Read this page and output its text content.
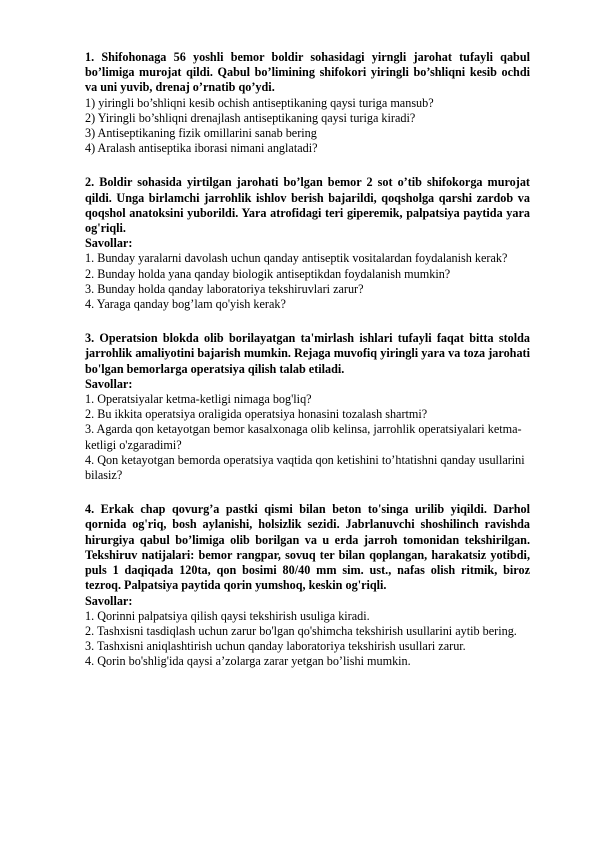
1. Shifohonaga 56 yoshli bemor boldir sohasidagi yirngli jarohat tufayli qabul bo’limiga murojat qildi. Qabul bo’limining shifokori yiringli bo’shliqni kesib ochdi va uni yuvib, drenaj o’rnatib qo’ydi.

1) yiringli bo’shliqni kesib ochish antiseptikaning qaysi turiga mansub?

2) Yiringli bo’shliqni drenajlash antiseptikaning qaysi turiga kiradi?

3) Antiseptikaning fizik omillarini sanab bering

4) Aralash antiseptika iborasi nimani anglatadi?

2. Boldir sohasida yirtilgan jarohati bo’lgan bemor 2 sot o’tib shifokorga murojat qildi. Unga birlamchi jarrohlik ishlov berish bajarildi, qoqsholga qarshi zardob va qoqshol anatoksini yuborildi. Yara atrofidagi teri giperemik, palpatsiya paytida yara og'riqli.

Savollar:

1. Bunday yaralarni davolash uchun qanday antiseptik vositalardan foydalanish kerak?

2. Bunday holda yana qanday biologik antiseptikdan foydalanish mumkin?

3. Bunday holda qanday laboratoriya tekshiruvlari zarur?

4. Yaraga qanday bog’lam qo'yish kerak?

3. Operatsion blokda olib borilayatgan ta'mirlash ishlari tufayli faqat bitta stolda jarrohlik amaliyotini bajarish mumkin. Rejaga muvofiq yiringli yara va toza jarohati bo'lgan bemorlarga operatsiya qilish talab etiladi.

Savollar:

1. Operatsiyalar ketma-ketligi nimaga bog'liq?

2. Bu ikkita operatsiya oraligida operatsiya honasini tozalash shartmi?

3. Agarda qon ketayotgan bemor kasalxonaga olib kelinsa, jarrohlik operatsiyalari ketma-ketligi o'zgaradimi?

4. Qon ketayotgan bemorda operatsiya vaqtida qon ketishini to’htatishni qanday usullarini bilasiz?

4. Erkak chap qovurg’a pastki qismi bilan beton to'singa urilib yiqildi. Darhol qornida og'riq, bosh aylanishi, holsizlik sezidi. Jabrlanuvchi shoshilinch ravishda hirurgiya qabul bo’limiga olib borilgan va u erda jarroh tomonidan tekshirilgan. Tekshiruv natijalari: bemor rangpar, sovuq ter bilan qoplangan, harakatsiz yotibdi, puls 1 daqiqada 120ta, qon bosimi 80/40 mm sim. ust., nafas olish ritmik, biroz tezroq. Palpatsiya paytida qorin yumshoq, keskin og'riqli.

Savollar:

1. Qorinni palpatsiya qilish qaysi tekshirish usuliga kiradi.

2. Tashxisni tasdiqlash uchun zarur bo'lgan qo'shimcha tekshirish usullarini aytib bering.

3. Tashxisni aniqlashtirish uchun qanday laboratoriya tekshirish usullari zarur.

4. Qorin bo'shlig'ida qaysi a’zolarga zarar yetgan bo’lishi mumkin.
